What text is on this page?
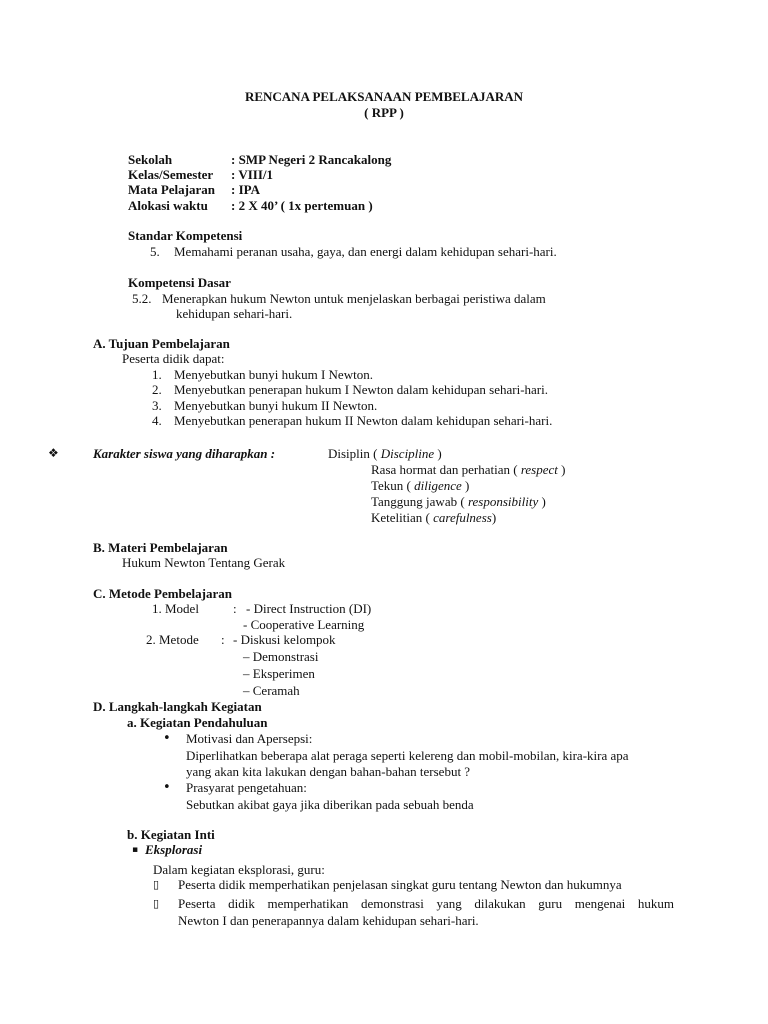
RENCANA PELAKSANAAN PEMBELAJARAN
( RPP )
Sekolah	: SMP Negeri 2 Rancakalong
Kelas/Semester : VIII/1
Mata Pelajaran : IPA
Alokasi waktu : 2 X 40’ ( 1x pertemuan )
Standar Kompetensi
5. Memahami peranan usaha, gaya, dan energi dalam kehidupan sehari-hari.
Kompetensi Dasar
5.2. Menerapkan hukum Newton untuk menjelaskan berbagai peristiwa dalam
kehidupan sehari-hari.
A. Tujuan Pembelajaran
Peserta didik dapat:
1. Menyebutkan bunyi hukum I Newton.
2. Menyebutkan penerapan hukum I Newton dalam kehidupan sehari-hari.
3. Menyebutkan bunyi hukum II Newton.
4. Menyebutkan penerapan hukum II Newton dalam kehidupan sehari-hari.
❖	Karakter siswa yang diharapkan :	Disiplin ( Discipline )
Rasa hormat dan perhatian ( respect )
Tekun ( diligence )
Tanggung jawab ( responsibility )
Ketelitian ( carefulness)
B. Materi Pembelajaran
Hukum Newton Tentang Gerak
C. Metode Pembelajaran
1. Model	: - Direct Instruction (DI)
- Cooperative Learning
2. Metode : - Diskusi kelompok
– Demonstrasi
– Eksperimen
– Ceramah
D. Langkah-langkah Kegiatan
a. Kegiatan Pendahuluan
• Motivasi dan Apersepsi:
Diperlihatkan beberapa alat peraga seperti kelereng dan mobil-mobilan, kira-kira apa
yang akan kita lakukan dengan bahan-bahan tersebut ?
• Prasyarat pengetahuan:
Sebutkan akibat gaya jika diberikan pada sebuah benda
b. Kegiatan Inti
▪ Eksplorasi
Dalam kegiatan eksplorasi, guru:
▯ Peserta didik memperhatikan penjelasan singkat guru tentang Newton dan hukumnya
▯ Peserta didik memperhatikan demonstrasi yang dilakukan guru mengenai hukum
Newton I dan penerapannya dalam kehidupan sehari-hari.
